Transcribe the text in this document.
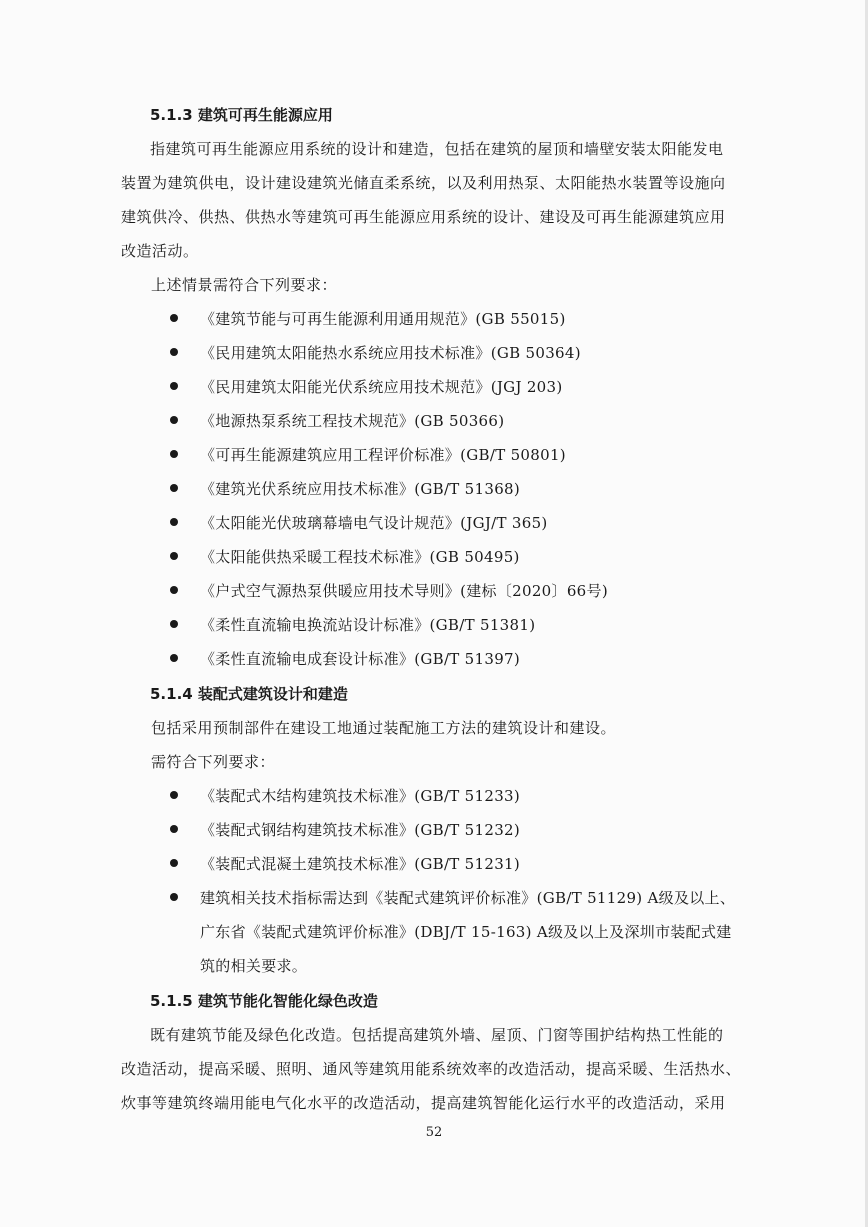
5.1.3 建筑可再生能源应用
指建筑可再生能源应用系统的设计和建造，包括在建筑的屋顶和墙壁安装太阳能发电
装置为建筑供电，设计建设建筑光储直柔系统，以及利用热泵、太阳能热水装置等设施向
建筑供冷、供热、供热水等建筑可再生能源应用系统的设计、建设及可再生能源建筑应用
改造活动。
上述情景需符合下列要求：
《建筑节能与可再生能源利用通用规范》(GB 55015)
《民用建筑太阳能热水系统应用技术标准》(GB 50364)
《民用建筑太阳能光伏系统应用技术规范》(JGJ 203)
《地源热泵系统工程技术规范》(GB 50366)
《可再生能源建筑应用工程评价标准》(GB/T 50801)
《建筑光伏系统应用技术标准》(GB/T 51368)
《太阳能光伏玻璃幕墙电气设计规范》(JGJ/T 365)
《太阳能供热采暖工程技术标准》(GB 50495)
《户式空气源热泵供暖应用技术导则》(建标〔2020〕66号)
《柔性直流输电换流站设计标准》(GB/T 51381)
《柔性直流输电成套设计标准》(GB/T 51397)
5.1.4 装配式建筑设计和建造
包括采用预制部件在建设工地通过装配施工方法的建筑设计和建设。
需符合下列要求：
《装配式木结构建筑技术标准》(GB/T 51233)
《装配式钢结构建筑技术标准》(GB/T 51232)
《装配式混凝土建筑技术标准》(GB/T 51231)
建筑相关技术指标需达到《装配式建筑评价标准》(GB/T 51129) A级及以上、
广东省《装配式建筑评价标准》(DBJ/T 15-163) A级及以上及深圳市装配式建
筑的相关要求。
5.1.5 建筑节能化智能化绿色改造
既有建筑节能及绿色化改造。包括提高建筑外墙、屋顶、门窗等围护结构热工性能的
改造活动，提高采暖、照明、通风等建筑用能系统效率的改造活动，提高采暖、生活热水、
炊事等建筑终端用能电气化水平的改造活动，提高建筑智能化运行水平的改造活动，采用
52
